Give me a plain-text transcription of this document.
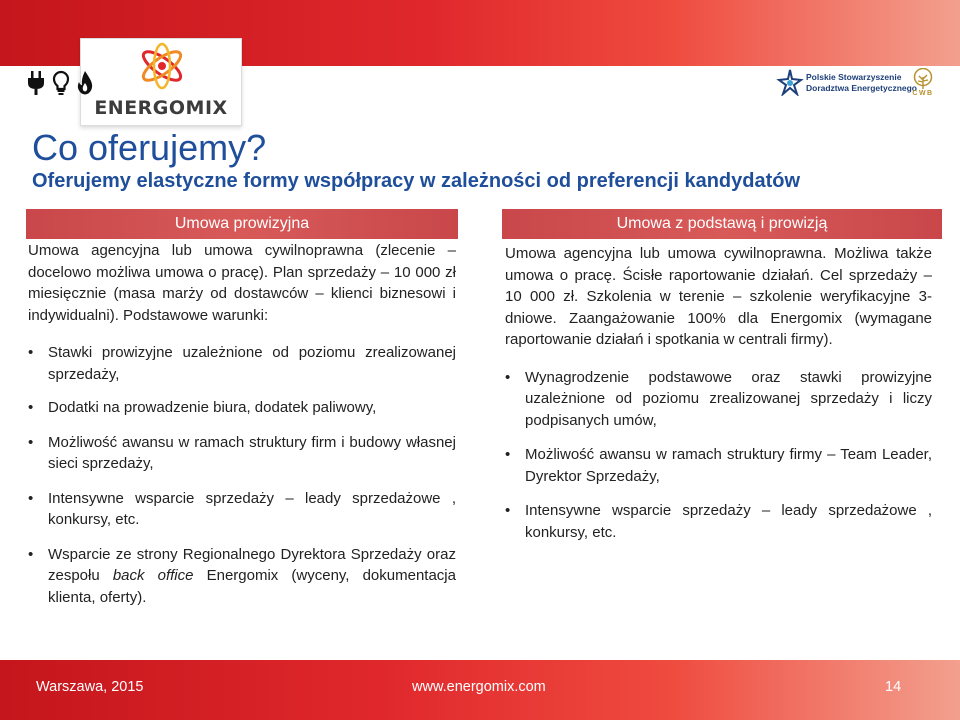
ENERGOMIX
Polskie Stowarzyszenie
Doradztwa Energetycznego
CWB
Co oferujemy?
Oferujemy elastyczne formy współpracy w zależności od preferencji kandydatów
Umowa prowizyjna

Umowa agencyjna lub umowa cywilnoprawna (zlecenie – docelowo możliwa umowa o pracę). Plan sprzedaży – 10 000 zł miesięcznie (masa marży od dostawców – klienci biznesowi i indywidualni). Podstawowe warunki:

• Stawki prowizyjne uzależnione od poziomu zrealizowanej sprzedaży,
• Dodatki na prowadzenie biura, dodatek paliwowy,
• Możliwość awansu w ramach struktury firm i budowy własnej sieci sprzedaży,
• Intensywne wsparcie sprzedaży – leady sprzedażowe , konkursy, etc.
• Wsparcie ze strony Regionalnego Dyrektora Sprzedaży oraz zespołu back office Energomix (wyceny, dokumentacja klienta, oferty).
Umowa z podstawą i prowizją

Umowa agencyjna lub umowa cywilnoprawna. Możliwa także umowa o pracę. Ścisłe raportowanie działań. Cel sprzedaży – 10 000 zł. Szkolenia w terenie – szkolenie weryfikacyjne 3-dniowe. Zaangażowanie 100% dla Energomix (wymagane raportowanie działań i spotkania w centrali firmy).

• Wynagrodzenie podstawowe oraz stawki prowizyjne uzależnione od poziomu zrealizowanej sprzedaży i liczy podpisanych umów,
• Możliwość awansu w ramach struktury firmy – Team Leader, Dyrektor Sprzedaży,
• Intensywne wsparcie sprzedaży – leady sprzedażowe , konkursy, etc.
Warszawa, 2015	www.energomix.com	14
